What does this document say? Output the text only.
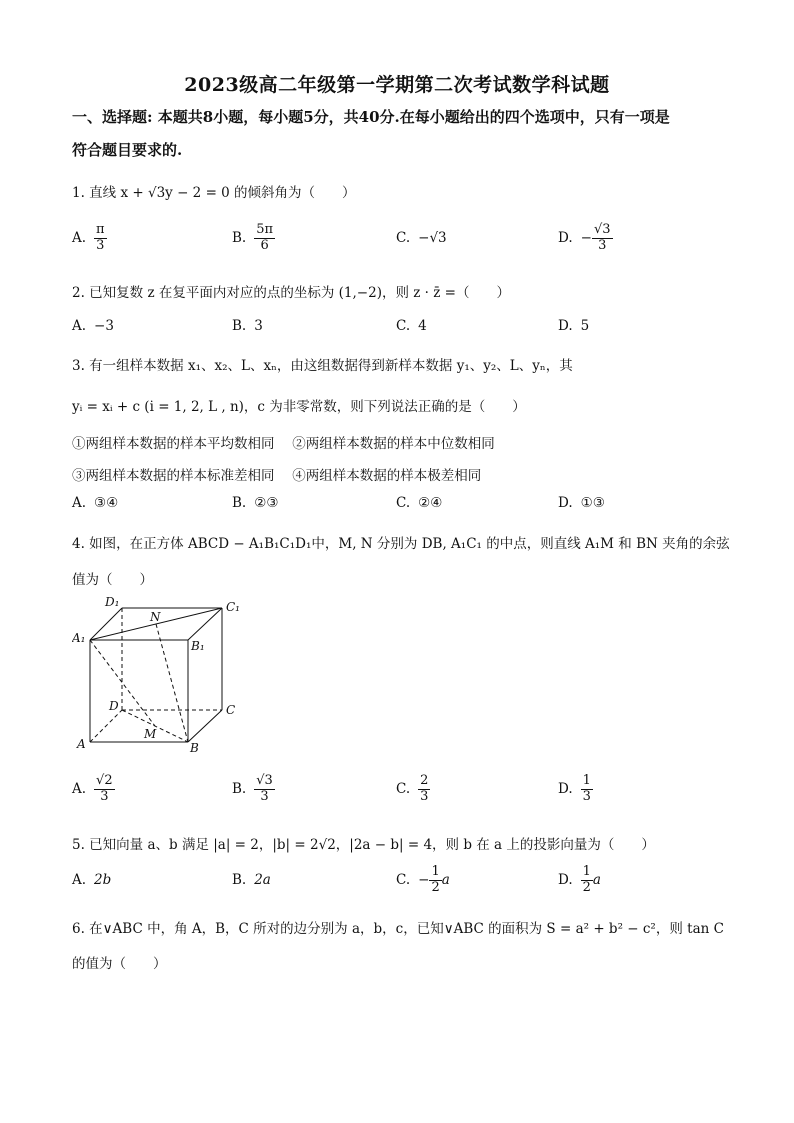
2023级高二年级第一学期第二次考试数学科试题
一、选择题: 本题共8小题，每小题5分，共40分.在每小题给出的四个选项中，只有一项是
符合题目要求的.
1. 直线 x + √3y − 2 = 0 的倾斜角为（　　）
A. $\frac{\pi}{3}$	B. $\frac{5\pi}{6}$	C. −√3	D. − $\frac{√3}{3}$
2. 已知复数 z 在复平面内对应的点的坐标为 (1,−2)，则 z · z̄ =（　　）
A. −3	B. 3	C. 4	D. 5
3. 有一组样本数据 x₁、x₂、L、xₙ，由这组数据得到新样本数据 y₁、y₂、L、yₙ，其
yᵢ = xᵢ + c (i = 1, 2, L , n)，c 为非零常数，则下列说法正确的是（　　）
①两组样本数据的样本平均数相同　 ②两组样本数据的样本中位数相同
③两组样本数据的样本标准差相同　 ④两组样本数据的样本极差相同
A. ③④	B. ②③	C. ②④	D. ①③
4. 如图，在正方体 ABCD − A₁B₁C₁D₁中，M, N 分别为 DB, A₁C₁ 的中点，则直线 A₁M 和 BN 夹角的余弦
值为（　　）
D₁	C₁
A₁
B₁
N
D	C
A	B
M
A. $\frac{√2}{3}$	B. $\frac{√3}{3}$	C. $\frac{2}{3}$	D. $\frac{1}{3}$
5. 已知向量 a、b 满足 |a| = 2，|b| = 2√2，|2a − b| = 4，则 b 在 a 上的投影向量为（　　）
A. 2b	B. 2a	C. − $\frac{1}{2}$ a	D. $\frac{1}{2}$ a
6. 在∨ABC 中，角 A，B，C 所对的边分别为 a，b，c，已知∨ABC 的面积为 S = a² + b² − c²，则 tan C
的值为（　　）
